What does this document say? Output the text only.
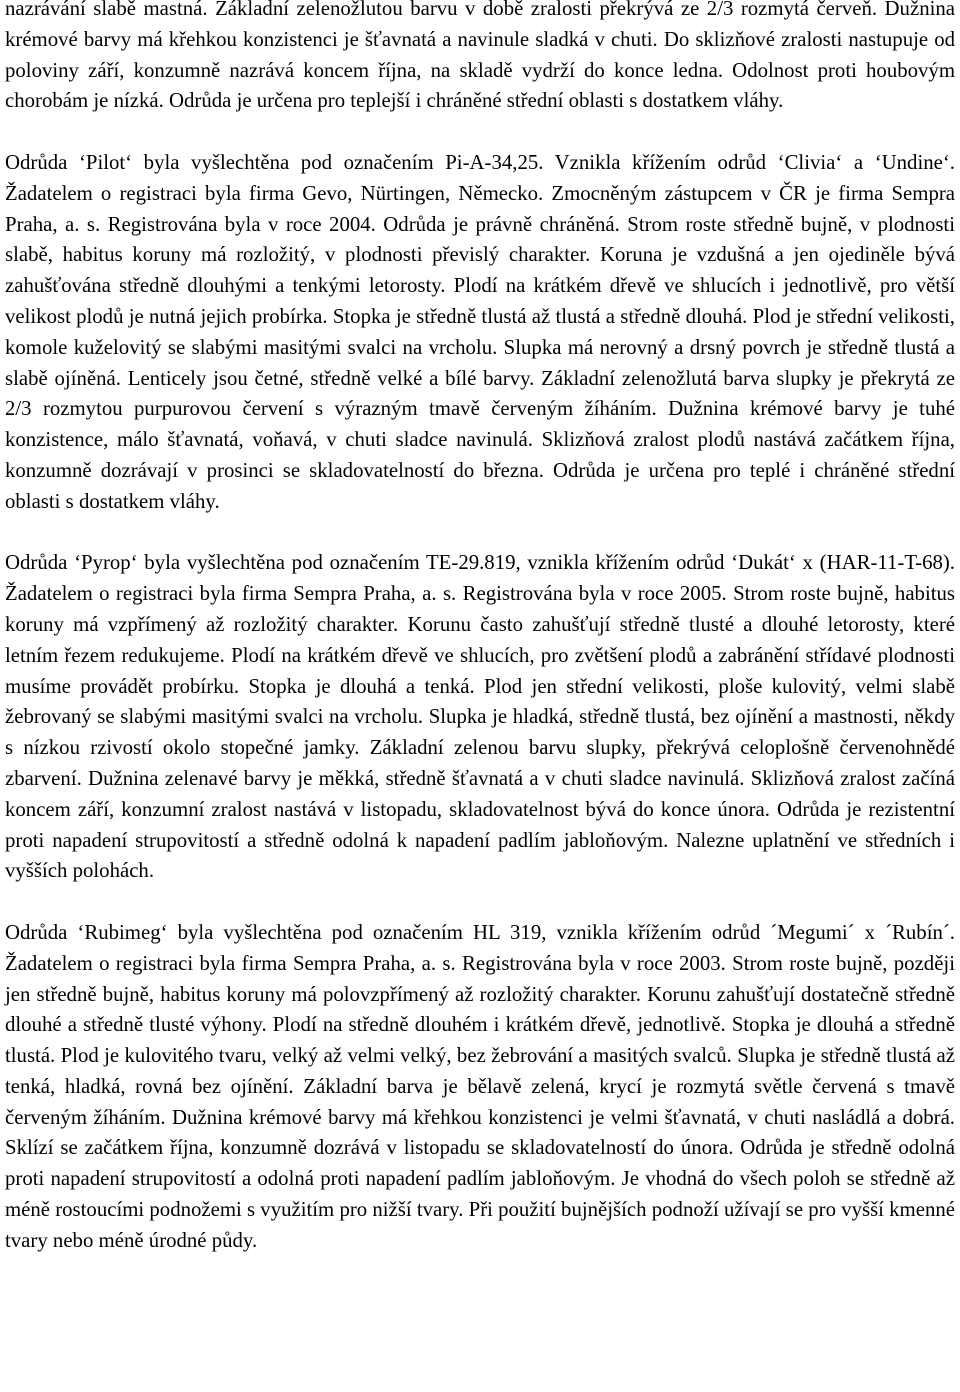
nazrávání slabě mastná. Základní zelenožlutou barvu v době zralosti překrývá ze 2/3 rozmytá červeň. Dužnina krémové barvy má křehkou konzistenci je šťavnatá a navinule sladká v chuti. Do sklizňové zralosti nastupuje od poloviny září, konzumně nazrává koncem října, na skladě vydrží do konce ledna. Odolnost proti houbovým chorobám je nízká. Odrůda je určena pro teplejší i chráněné střední oblasti s dostatkem vláhy.

Odrůda ‘Pilot‘ byla vyšlechtěna pod označením Pi-A-34,25. Vznikla křížením odrůd ‘Clivia‘ a ‘Undine‘. Žadatelem o registraci byla firma Gevo, Nürtingen, Německo. Zmocněným zástupcem v ČR je firma Sempra Praha, a. s. Registrována byla v roce 2004. Odrůda je právně chráněná. Strom roste středně bujně, v plodnosti slabě, habitus koruny má rozložitý, v plodnosti převislý charakter. Koruna je vzdušná a jen ojediněle bývá zahušťována středně dlouhými a tenkými letorosty. Plodí na krátkém dřevě ve shlucích i jednotlivě, pro větší velikost plodů je nutná jejich probírka. Stopka je středně tlustá až tlustá a středně dlouhá. Plod je střední velikosti, komole kuželovitý se slabými masitými svalci na vrcholu. Slupka má nerovný a drsný povrch je středně tlustá a slabě ojíněná. Lenticely jsou četné, středně velké a bílé barvy. Základní zelenožlutá barva slupky je překrytá ze 2/3 rozmytou purpurovou červení s výrazným tmavě červeným žíháním. Dužnina krémové barvy je tuhé konzistence, málo šťavnatá, voňavá, v chuti sladce navinulá. Sklizňová zralost plodů nastává začátkem října, konzumně dozrávají v prosinci se skladovatelností do března. Odrůda je určena pro teplé i chráněné střední oblasti s dostatkem vláhy.

Odrůda ‘Pyrop‘ byla vyšlechtěna pod označením TE-29.819, vznikla křížením odrůd ‘Dukát‘ x (HAR-11-T-68). Žadatelem o registraci byla firma Sempra Praha, a. s. Registrována byla v roce 2005. Strom roste bujně, habitus koruny má vzpřímený až rozložitý charakter. Korunu často zahušťují středně tlusté a dlouhé letorosty, které letním řezem redukujeme. Plodí na krátkém dřevě ve shlucích, pro zvětšení plodů a zabránění střídavé plodnosti musíme provádět probírku. Stopka je dlouhá a tenká. Plod jen střední velikosti, ploše kulovitý, velmi slabě žebrovaný se slabými masitými svalci na vrcholu. Slupka je hladká, středně tlustá, bez ojínění a mastnosti, někdy s nízkou rzivostí okolo stopečné jamky. Základní zelenou barvu slupky, překrývá celoplošně červenohnědé zbarvení. Dužnina zelenavé barvy je měkká, středně šťavnatá a v chuti sladce navinulá. Sklizňová zralost začíná koncem září, konzumní zralost nastává v listopadu, skladovatelnost bývá do konce února. Odrůda je rezistentní proti napadení strupovitostí a středně odolná k napadení padlím jabloňovým. Nalezne uplatnění ve středních i vyšších polohách.

Odrůda ‘Rubimeg‘ byla vyšlechtěna pod označením HL 319, vznikla křížením odrůd ´Megumi´ x ´Rubín´. Žadatelem o registraci byla firma Sempra Praha, a. s. Registrována byla v roce 2003. Strom roste bujně, později jen středně bujně, habitus koruny má polovzpřímený až rozložitý charakter. Korunu zahušťují dostatečně středně dlouhé a středně tlusté výhony. Plodí na středně dlouhém i krátkém dřevě, jednotlivě. Stopka je dlouhá a středně tlustá. Plod je kulovitého tvaru, velký až velmi velký, bez žebrování a masitých svalců. Slupka je středně tlustá až tenká, hladká, rovná bez ojínění. Základní barva je bělavě zelená, krycí je rozmytá světle červená s tmavě červeným žíháním. Dužnina krémové barvy má křehkou konzistenci je velmi šťavnatá, v chuti nasládlá a dobrá. Sklízí se začátkem října, konzumně dozrává v listopadu se skladovatelností do února. Odrůda je středně odolná proti napadení strupovitostí a odolná proti napadení padlím jabloňovým. Je vhodná do všech poloh se středně až méně rostoucími podnožemi s využitím pro nižší tvary. Při použití bujnějších podnoží užívají se pro vyšší kmenné tvary nebo méně úrodné půdy.
